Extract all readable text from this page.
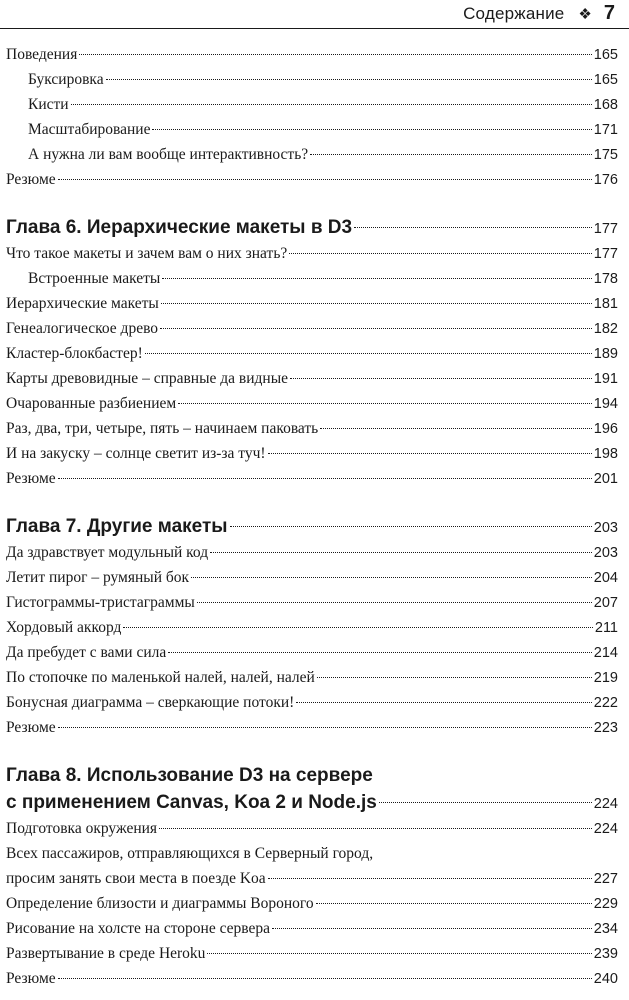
Содержание ❖ 7
Поведения	165
Буксировка	165
Кисти	168
Масштабирование	171
А нужна ли вам вообще интерактивность?	175
Резюме	176
Глава 6. Иерархические макеты в D3	177
Что такое макеты и зачем вам о них знать?	177
Встроенные макеты	178
Иерархические макеты	181
Генеалогическое древо	182
Кластер-блокбастер!	189
Карты древовидные – справные да видные	191
Очарованные разбиением	194
Раз, два, три, четыре, пять – начинаем паковать	196
И на закуску – солнце светит из-за туч!	198
Резюме	201
Глава 7. Другие макеты	203
Да здравствует модульный код	203
Летит пирог – румяный бок	204
Гистограммы-тристаграммы	207
Хордовый аккорд	211
Да пребудет с вами сила	214
По стопочке по маленькой налей, налей, налей	219
Бонусная диаграмма – сверкающие потоки!	222
Резюме	223
Глава 8. Использование D3 на сервере
с применением Canvas, Koa 2 и Node.js	224
Подготовка окружения	224
Всех пассажиров, отправляющихся в Серверный город,
просим занять свои места в поезде Koa	227
Определение близости и диаграммы Вороного	229
Рисование на холсте на стороне сервера	234
Развертывание в среде Heroku	239
Резюме	240
